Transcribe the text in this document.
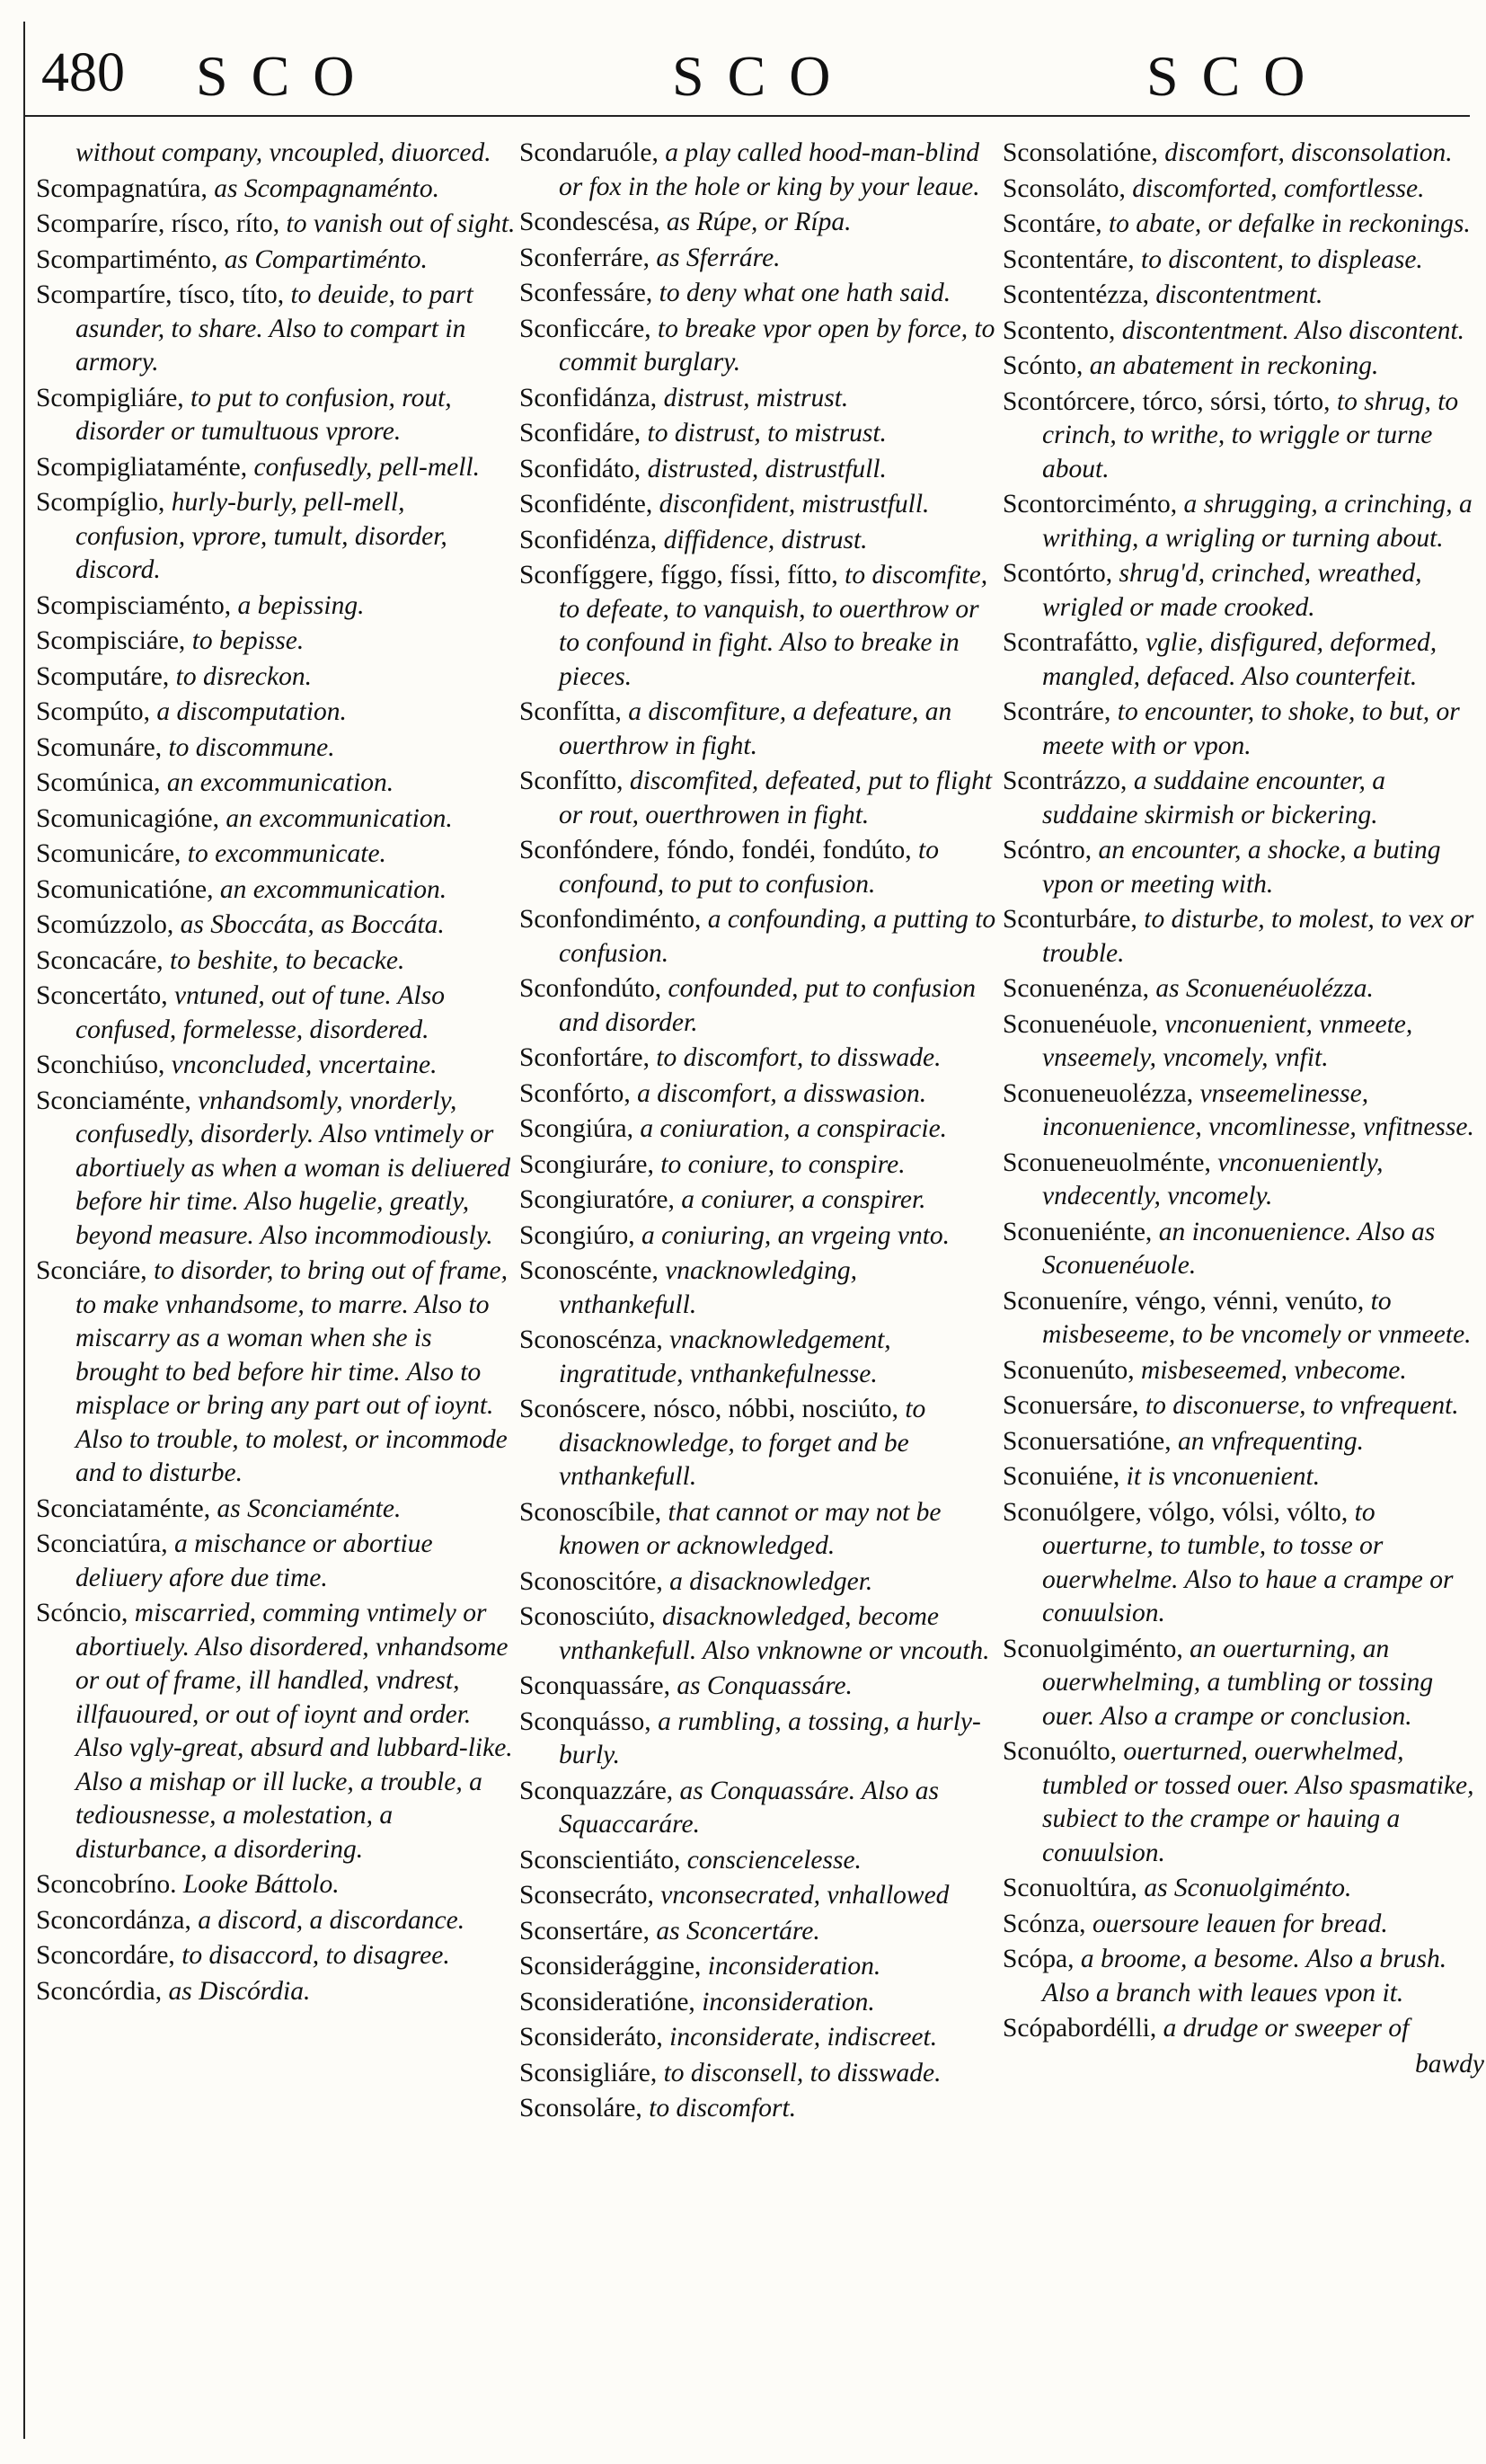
480 SCO	SCO	SCO
without company, vncoupled, diuorced.
Scompagnatúra, as Scompagnaménto.
Scomparíre, rísco, ríto, to vanish out of sight.
Scompartiménto, as Compartiménto.
Scompartíre, tísco, títo, to deuide, to part asunder, to share. Also to compart in armory.
Scompigliáre, to put to confusion, rout, disorder or tumultuous vprore.
Scompigliataménte, confusedly, pell-mell.
Scompíglio, hurly-burly, pell-mell, confusion, vprore, tumult, disorder, discord.
Scompisciaménto, a bepissing.
Scompisciáre, to bepisse.
Scomputáre, to disreckon.
Scompúto, a discomputation.
Scomunáre, to discommune.
Scomúnica, an excommunication.
Scomunicagióne, an excommunication.
Scomunicáre, to excommunicate.
Scomunicatióne, an excommunication.
Scomúzzolo, as Sboccáta, as Boccáta.
Sconcacáre, to beshite, to becacke.
Sconcertáto, vntuned, out of tune. Also confused, formelesse, disordered.
Sconchiúso, vnconcluded, vncertaine.
Sconciaménte, vnhandsomly, vnorderly, confusedly, disorderly. Also vntimely or abortiuely as when a woman is deliuered before hir time. Also hugelie, greatly, beyond measure. Also incommodiously.
Sconciáre, to disorder, to bring out of frame, to make vnhandsome, to marre. Also to miscarry as a woman when she is brought to bed before hir time. Also to misplace or bring any part out of ioynt. Also to trouble, to molest, or incommode and to disturbe.
Sconciataménte, as Sconciaménte.
Sconciatúra, a mischance or abortiue deliuery afore due time.
Scóncio, miscarried, comming vntimely or abortiuely. Also disordered, vnhandsome or out of frame, ill handled, vndrest, illfauoured, or out of ioynt and order. Also vgly-great, absurd and lubbard-like. Also a mishap or ill lucke, a trouble, a tediousnesse, a molestation, a disturbance, a disordering.
Sconcobríno. Looke Báttolo.
Sconcordánza, a discord, a discordance.
Sconcordáre, to disaccord, to disagree.
Sconcórdia, as Discórdia.
Scondaruóle, a play called hood-man-blind or fox in the hole or king by your leaue.
Scondescésa, as Rúpe, or Rípa.
Sconferráre, as Sferráre.
Sconfessáre, to deny what one hath said.
Sconficcáre, to breake vpor open by force, to commit burglary.
Sconfidánza, distrust, mistrust.
Sconfidáre, to distrust, to mistrust.
Sconfidáto, distrusted, distrustfull.
Sconfidénte, disconfident, mistrustfull.
Sconfidénza, diffidence, distrust.
Sconfíggere, fíggo, físsi, fítto, to discomfite, to defeate, to vanquish, to ouerthrow or to confound in fight. Also to breake in pieces.
Sconfítta, a discomfiture, a defeature, an ouerthrow in fight.
Sconfítto, discomfited, defeated, put to flight or rout, ouerthrowen in fight.
Sconfóndere, fóndo, fondéi, fondúto, to confound, to put to confusion.
Sconfondiménto, a confounding, a putting to confusion.
Sconfondúto, confounded, put to confusion and disorder.
Sconfortáre, to discomfort, to disswade.
Sconfórto, a discomfort, a disswasion.
Scongiúra, a coniuration, a conspiracie.
Scongiuráre, to coniure, to conspire.
Scongiuratóre, a coniurer, a conspirer.
Scongiúro, a coniuring, an vrgeing vnto.
Sconoscénte, vnacknowledging, vnthankefull.
Sconoscénza, vnacknowledgement, ingratitude, vnthankefulnesse.
Sconóscere, nósco, nóbbi, nosciúto, to disacknowledge, to forget and be vnthankefull.
Sconoscíbile, that cannot or may not be knowen or acknowledged.
Sconoscitóre, a disacknowledger.
Sconosciúto, disacknowledged, become vnthankefull. Also vnknowne or vncouth.
Sconquassáre, as Conquassáre.
Sconquásso, a rumbling, a tossing, a hurly-burly.
Sconquazzáre, as Conquassáre. Also as Squaccaráre.
Sconscientiáto, consciencelesse.
Sconsecráto, vnconsecrated, vnhallowed
Sconsertáre, as Sconcertáre.
Sconsiderággine, inconsideration.
Sconsideratióne, inconsideration.
Sconsideráto, inconsiderate, indiscreet.
Sconsigliáre, to disconsell, to disswade.
Sconsoláre, to discomfort.
Sconsolatióne, discomfort, disconsolation.
Sconsoláto, discomforted, comfortlesse.
Scontáre, to abate, or defalke in reckonings.
Scontentáre, to discontent, to displease.
Scontentézza, discontentment.
Scontento, discontentment. Also discontent.
Scónto, an abatement in reckoning.
Scontórcere, tórco, sórsi, tórto, to shrug, to crinch, to writhe, to wriggle or turne about.
Scontorciménto, a shrugging, a crinching, a writhing, a wrigling or turning about.
Scontórto, shrug'd, crinched, wreathed, wrigled or made crooked.
Scontrafátto, vglie, disfigured, deformed, mangled, defaced. Also counterfeit.
Scontráre, to encounter, to shoke, to but, or meete with or vpon.
Scontrázzo, a suddaine encounter, a suddaine skirmish or bickering.
Scóntro, an encounter, a shocke, a buting vpon or meeting with.
Sconturbáre, to disturbe, to molest, to vex or trouble.
Sconuenénza, as Sconuenéuolézza.
Sconuenéuole, vnconuenient, vnmeete, vnseemely, vncomely, vnfit.
Sconueneuolézza, vnseemelinesse, inconuenience, vncomlinesse, vnfitnesse.
Sconueneuolménte, vnconueniently, vndecently, vncomely.
Sconueniénte, an inconuenience. Also as Sconuenéuole.
Sconueníre, véngo, vénni, venúto, to misbeseeme, to be vncomely or vnmeete.
Sconuenúto, misbeseemed, vnbecome.
Sconuersáre, to disconuerse, to vnfrequent.
Sconuersatióne, an vnfrequenting.
Sconuiéne, it is vnconuenient.
Sconuólgere, vólgo, vólsi, vólto, to ouerturne, to tumble, to tosse or ouerwhelme. Also to haue a crampe or conuulsion.
Sconuolgiménto, an ouerturning, an ouerwhelming, a tumbling or tossing ouer. Also a crampe or conclusion.
Sconuólto, ouerturned, ouerwhelmed, tumbled or tossed ouer. Also spasmatike, subiect to the crampe or hauing a conuulsion.
Sconuoltúra, as Sconuolgiménto.
Scónza, ouersoure leauen for bread.
Scópa, a broome, a besome. Also a brush. Also a branch with leaues vpon it.
Scópabordélli, a drudge or sweeper of
bawdy
